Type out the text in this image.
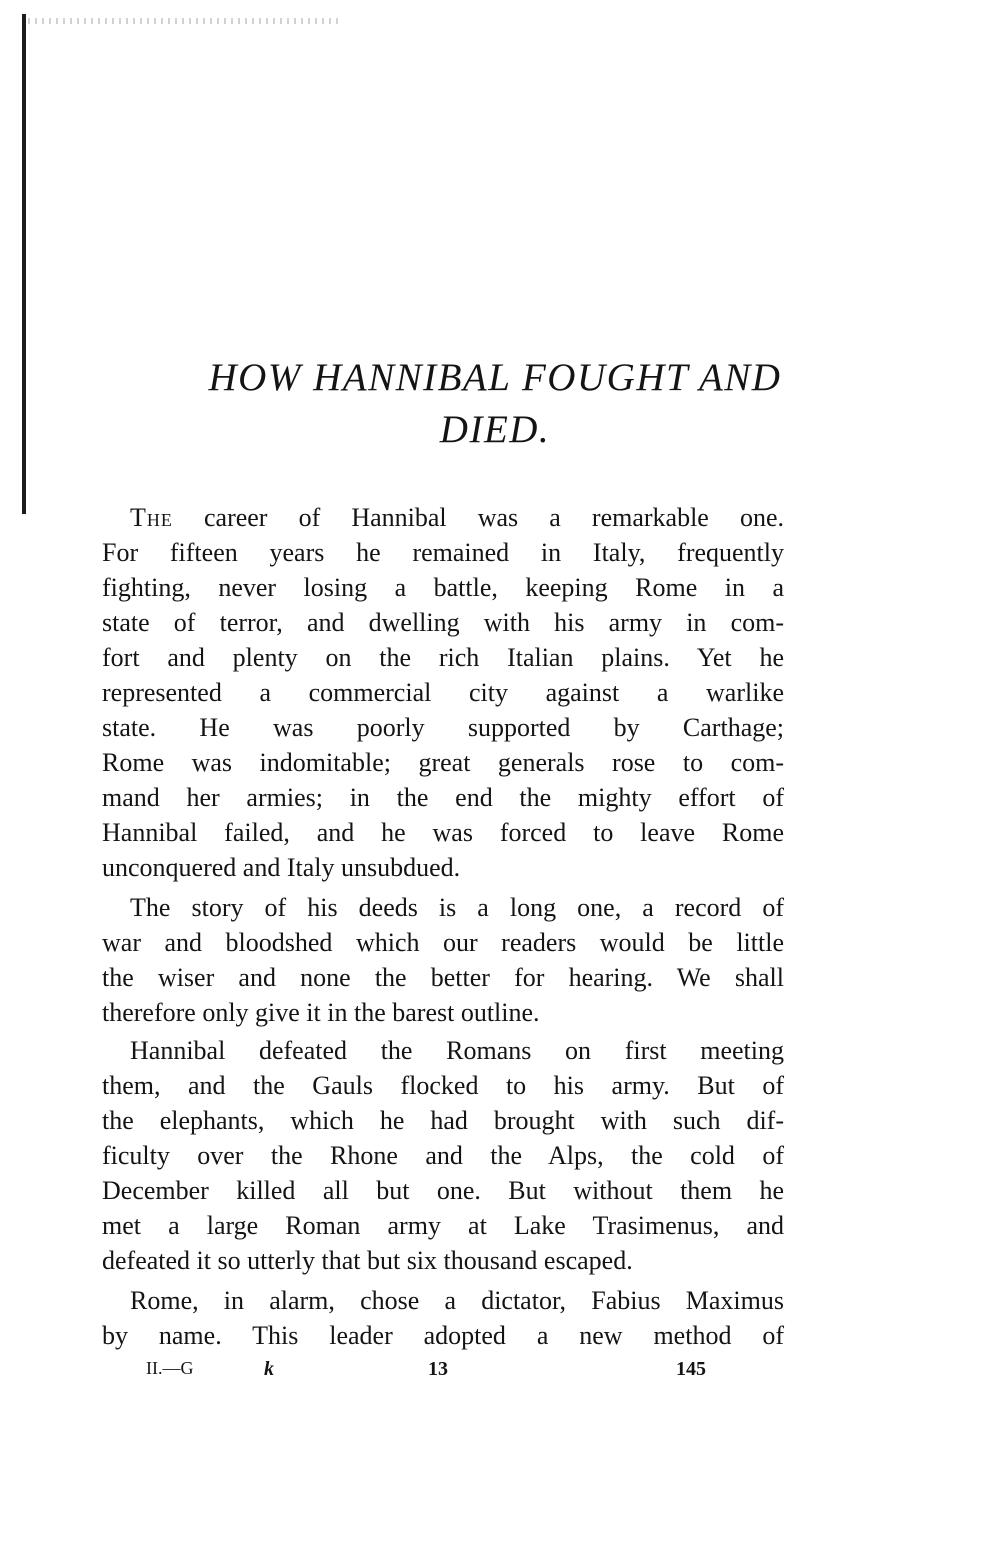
HOW HANNIBAL FOUGHT AND
DIED.
The career of Hannibal was a remarkable one.
For fifteen years he remained in Italy, frequently
fighting, never losing a battle, keeping Rome in a
state of terror, and dwelling with his army in com-
fort and plenty on the rich Italian plains. Yet he
represented a commercial city against a warlike
state. He was poorly supported by Carthage;
Rome was indomitable; great generals rose to com-
mand her armies; in the end the mighty effort of
Hannibal failed, and he was forced to leave Rome
unconquered and Italy unsubdued.
The story of his deeds is a long one, a record of
war and bloodshed which our readers would be little
the wiser and none the better for hearing. We shall
therefore only give it in the barest outline.
Hannibal defeated the Romans on first meeting
them, and the Gauls flocked to his army. But of
the elephants, which he had brought with such dif-
ficulty over the Rhone and the Alps, the cold of
December killed all but one. But without them he
met a large Roman army at Lake Trasimenus, and
defeated it so utterly that but six thousand escaped.
Rome, in alarm, chose a dictator, Fabius Maximus
by name. This leader adopted a new method of
II.—G	k	13	145
